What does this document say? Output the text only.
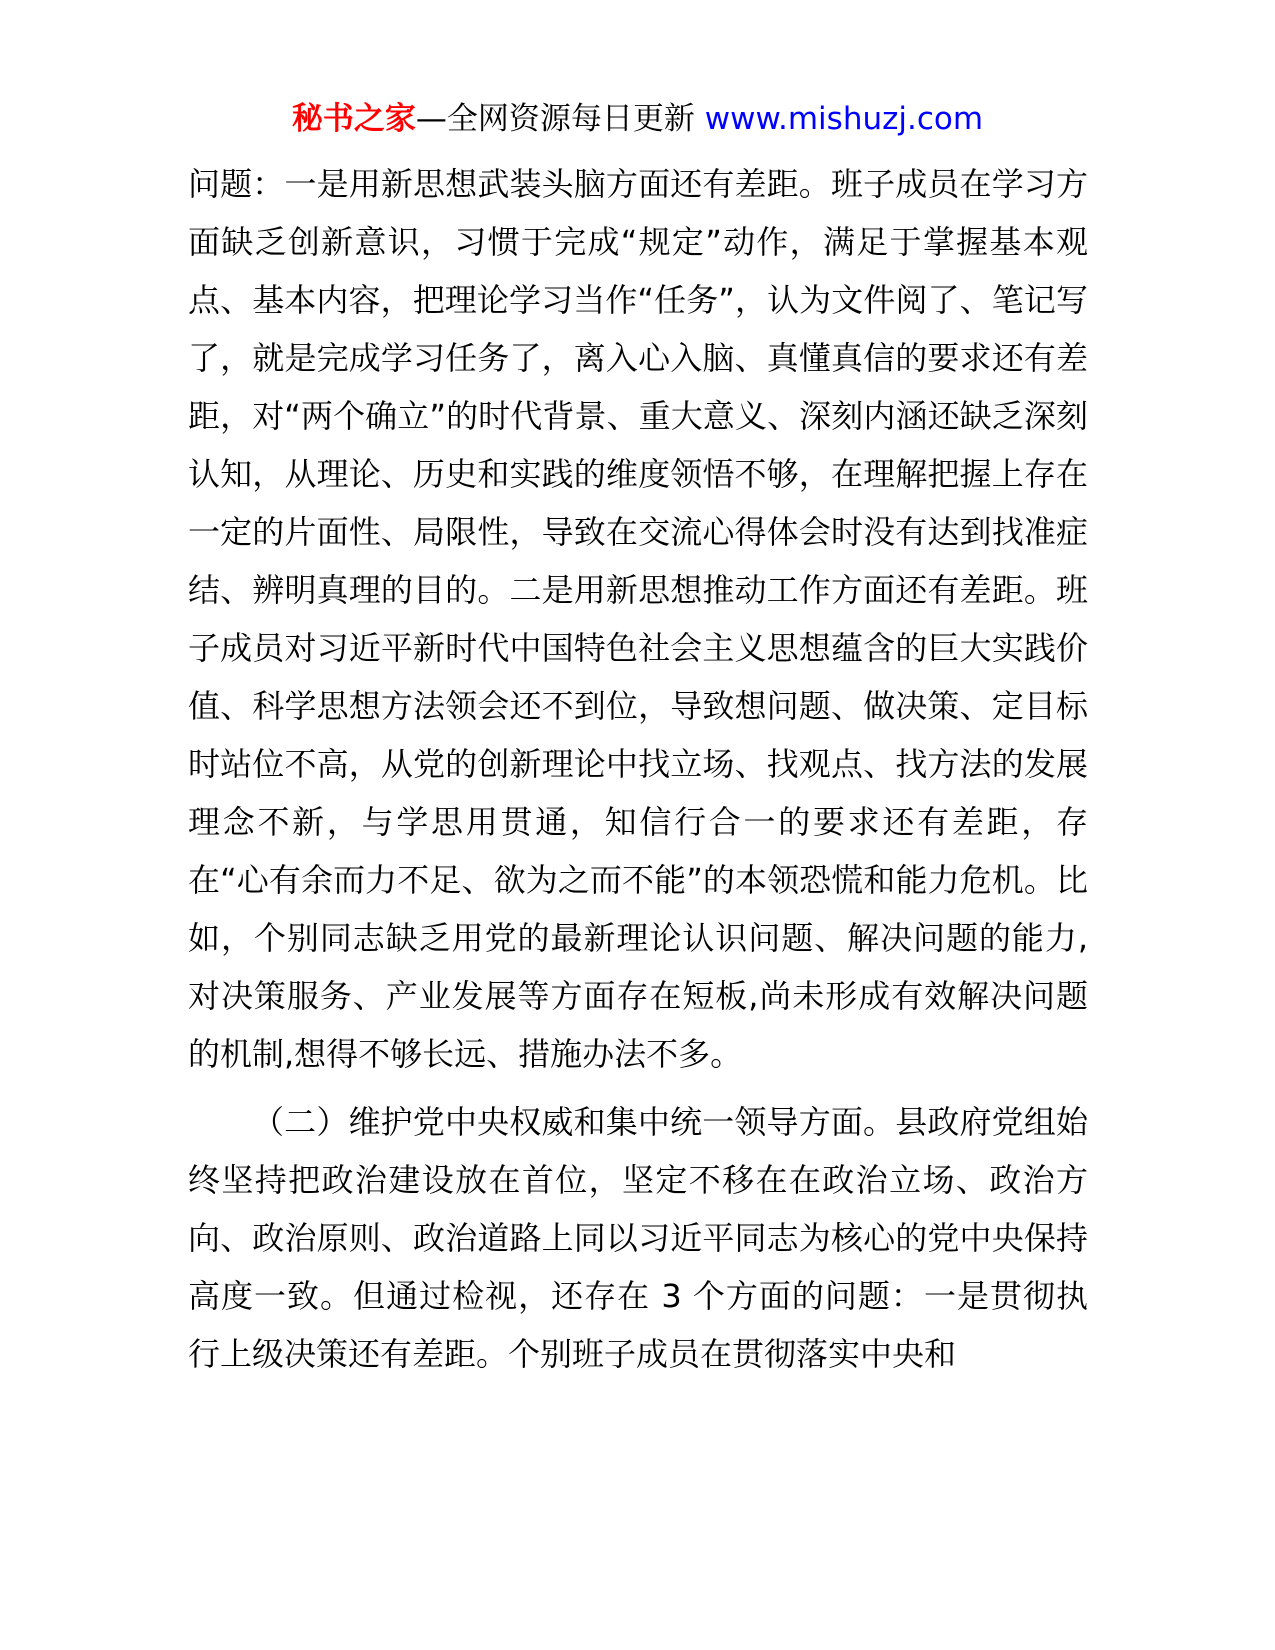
秘书之家—全网资源每日更新 www.mishuzj.com

问题：一是用新思想武装头脑方面还有差距。班子成员在学习方面缺乏创新意识，习惯于完成“规定”动作，满足于掌握基本观点、基本内容，把理论学习当作“任务”，认为文件阅了、笔记写了，就是完成学习任务了，离入心入脑、真懂真信的要求还有差距，对“两个确立”的时代背景、重大意义、深刻内涵还缺乏深刻认知，从理论、历史和实践的维度领悟不够，在理解把握上存在一定的片面性、局限性，导致在交流心得体会时没有达到找准症结、辨明真理的目的。二是用新思想推动工作方面还有差距。班子成员对习近平新时代中国特色社会主义思想蕴含的巨大实践价值、科学思想方法领会还不到位，导致想问题、做决策、定目标时站位不高，从党的创新理论中找立场、找观点、找方法的发展理念不新，与学思用贯通，知信行合一的要求还有差距，存在“心有余而力不足、欲为之而不能”的本领恐慌和能力危机。比如，个别同志缺乏用党的最新理论认识问题、解决问题的能力,对决策服务、产业发展等方面存在短板,尚未形成有效解决问题的机制,想得不够长远、措施办法不多。

（二）维护党中央权威和集中统一领导方面。县政府党组始终坚持把政治建设放在首位，坚定不移在在政治立场、政治方向、政治原则、政治道路上同以习近平同志为核心的党中央保持高度一致。但通过检视，还存在 3 个方面的问题：一是贯彻执行上级决策还有差距。个别班子成员在贯彻落实中央和
